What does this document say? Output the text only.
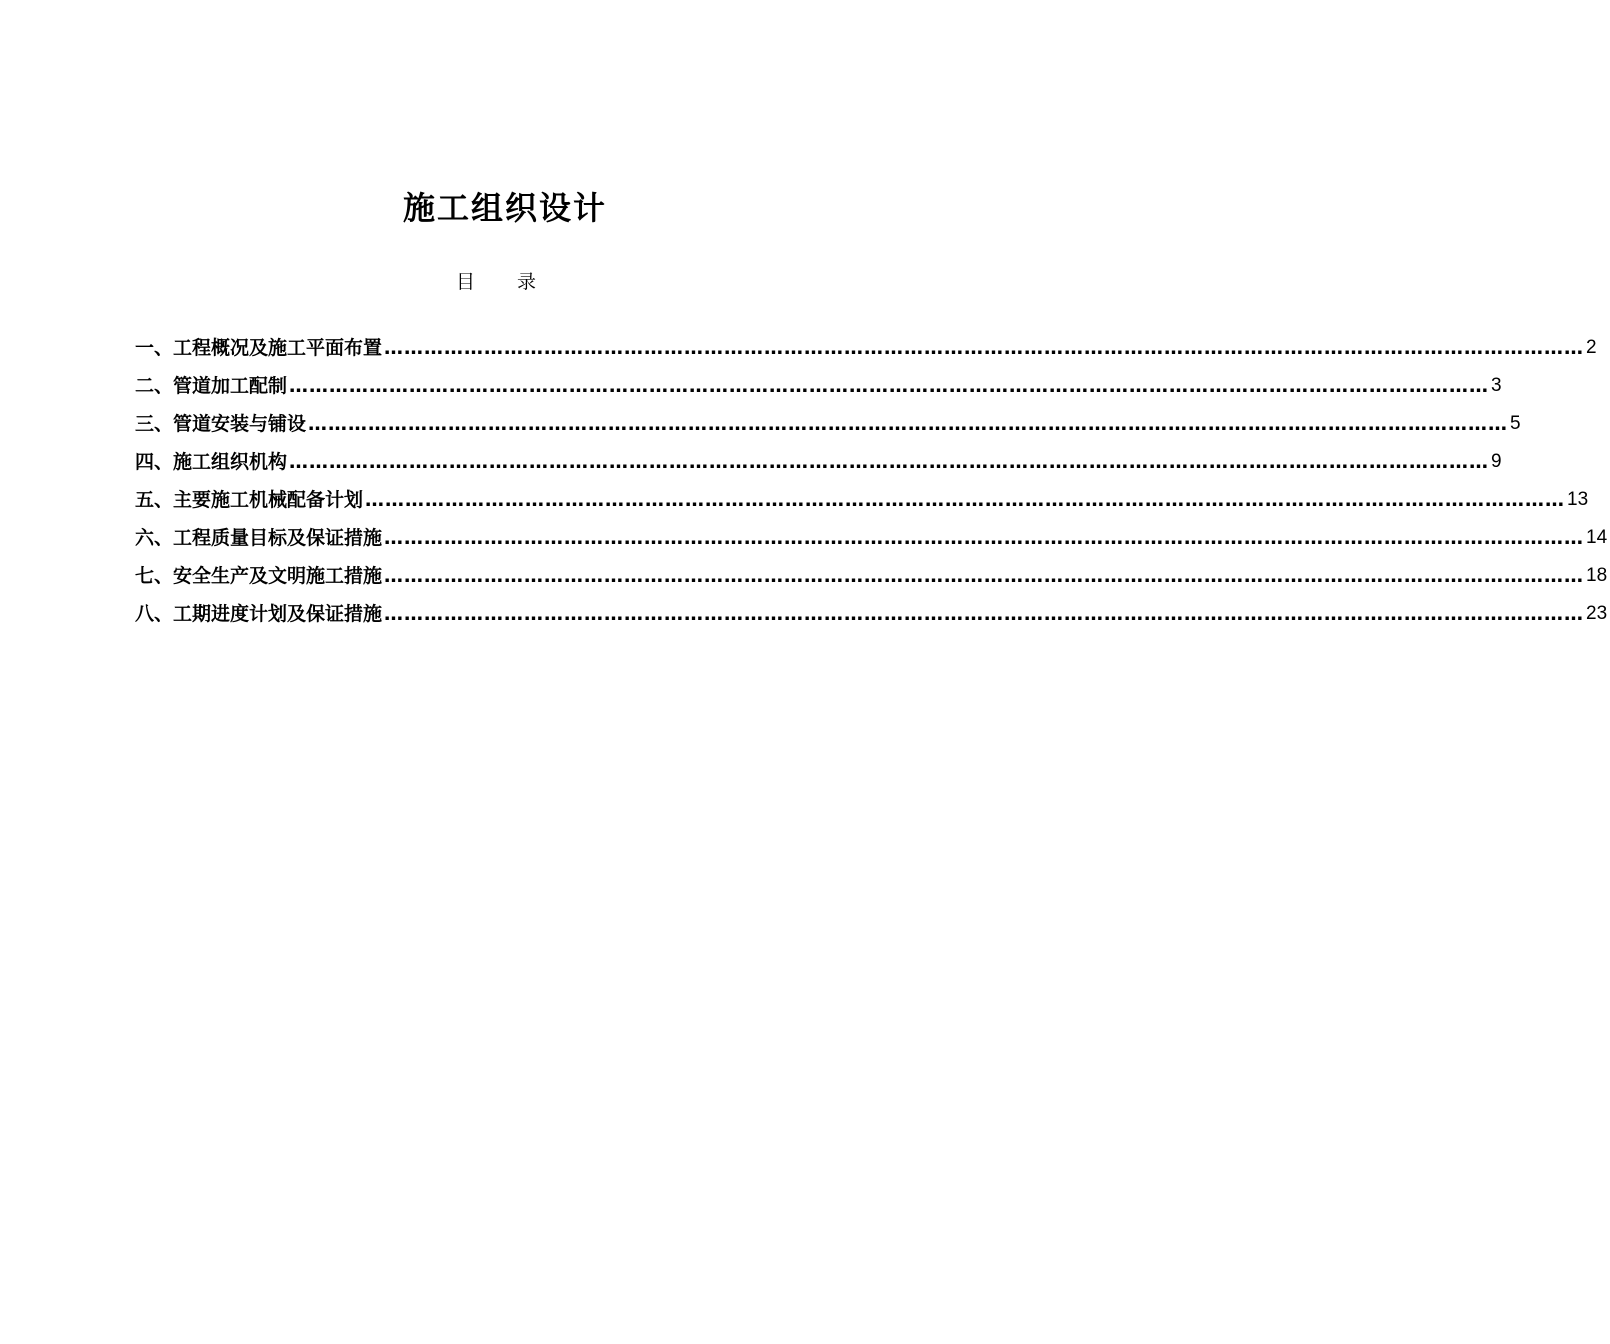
施工组织设计
目 录
一、工程概况及施工平面布置 ……………………………………………………………………………………………………………………………………………………………… 2
二、管道加工配制 ……………………………………………………………………………………………………………………………………………………………… 3
三、管道安装与铺设 ……………………………………………………………………………………………………………………………………………………………… 5
四、施工组织机构 ……………………………………………………………………………………………………………………………………………………………… 9
五、主要施工机械配备计划 ……………………………………………………………………………………………………………………………………………………………… 13
六、工程质量目标及保证措施 ……………………………………………………………………………………………………………………………………………………………… 14
七、安全生产及文明施工措施 ……………………………………………………………………………………………………………………………………………………………… 18
八、工期进度计划及保证措施 ……………………………………………………………………………………………………………………………………………………………… 23
